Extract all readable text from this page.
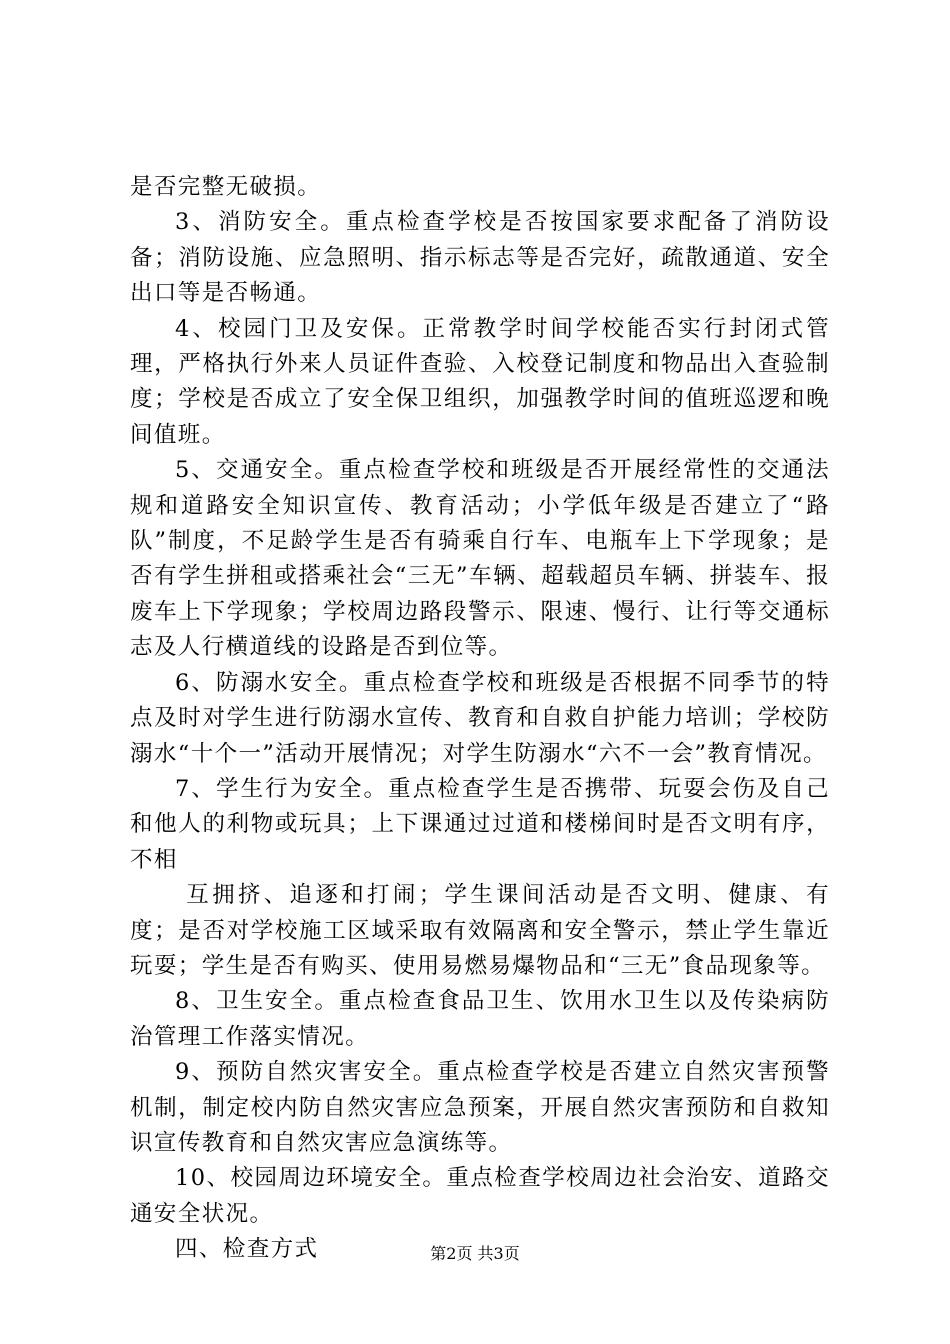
是否完整无破损。

3、消防安全。重点检查学校是否按国家要求配备了消防设备；消防设施、应急照明、指示标志等是否完好，疏散通道、安全出口等是否畅通。

4、校园门卫及安保。正常教学时间学校能否实行封闭式管理，严格执行外来人员证件查验、入校登记制度和物品出入查验制度；学校是否成立了安全保卫组织，加强教学时间的值班巡逻和晚间值班。

5、交通安全。重点检查学校和班级是否开展经常性的交通法规和道路安全知识宣传、教育活动；小学低年级是否建立了“路队”制度，不足龄学生是否有骑乘自行车、电瓶车上下学现象；是否有学生拼租或搭乘社会“三无”车辆、超载超员车辆、拼装车、报废车上下学现象；学校周边路段警示、限速、慢行、让行等交通标志及人行横道线的设路是否到位等。

6、防溺水安全。重点检查学校和班级是否根据不同季节的特点及时对学生进行防溺水宣传、教育和自救自护能力培训；学校防溺水“十个一”活动开展情况；对学生防溺水“六不一会”教育情况。

7、学生行为安全。重点检查学生是否携带、玩耍会伤及自己和他人的利物或玩具；上下课通过过道和楼梯间时是否文明有序，不相

互拥挤、追逐和打闹；学生课间活动是否文明、健康、有度；是否对学校施工区域采取有效隔离和安全警示，禁止学生靠近玩耍；学生是否有购买、使用易燃易爆物品和“三无”食品现象等。

8、卫生安全。重点检查食品卫生、饮用水卫生以及传染病防治管理工作落实情况。

9、预防自然灾害安全。重点检查学校是否建立自然灾害预警机制，制定校内防自然灾害应急预案，开展自然灾害预防和自救知识宣传教育和自然灾害应急演练等。

10、校园周边环境安全。重点检查学校周边社会治安、道路交通安全状况。

四、检查方式	第2页 共3页
